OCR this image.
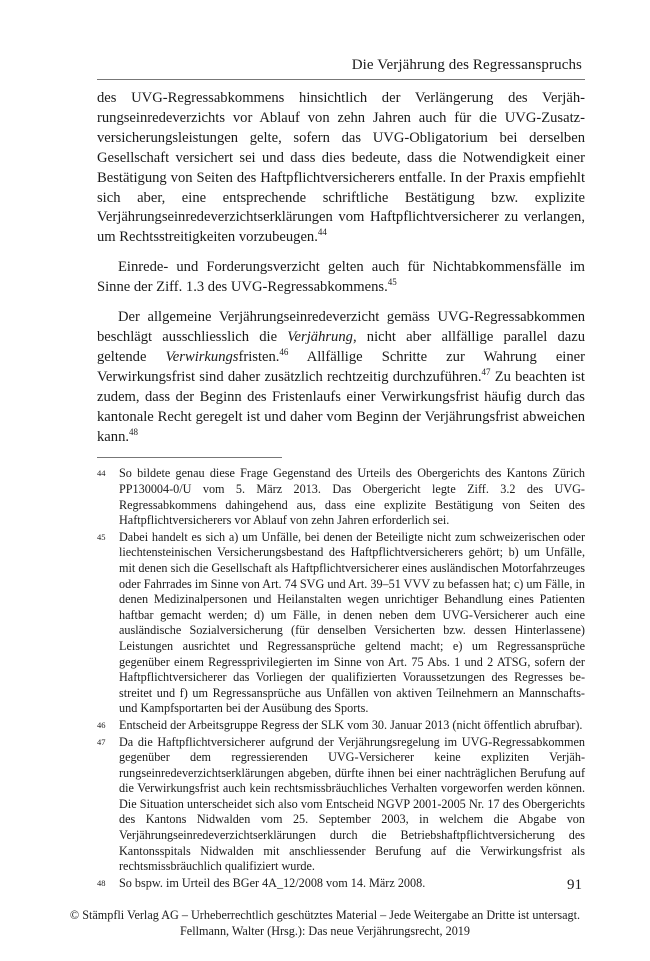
Die Verjährung des Regressanspruchs

des UVG-Regressabkommens hinsichtlich der Verlängerung des Verjährungseinredeverzichts vor Ablauf von zehn Jahren auch für die UVG-Zusatzversicherungsleistungen gelte, sofern das UVG-Obligatorium bei derselben Gesellschaft versichert sei und dass dies bedeute, dass die Notwendigkeit einer Bestätigung von Seiten des Haftpflichtversicherers entfalle. In der Praxis empfiehlt sich aber, eine entsprechende schriftliche Bestätigung bzw. explizite Verjährungseinredeverzichtserklärungen vom Haftpflichtversicherer zu verlangen, um Rechtsstreitigkeiten vorzubeugen.$^{44}$

Einrede- und Forderungsverzicht gelten auch für Nichtabkommensfälle im Sinne der Ziff. 1.3 des UVG-Regressabkommens.$^{45}$

Der allgemeine Verjährungseinredeverzicht gemäss UVG-Regressabkommen beschlägt ausschliesslich die Verjährung, nicht aber allfällige parallel dazu geltende Verwirkungsfristen.$^{46}$ Allfällige Schritte zur Wahrung einer Verwirkungsfrist sind daher zusätzlich rechtzeitig durchzuführen.$^{47}$ Zu beachten ist zudem, dass der Beginn des Fristenlaufs einer Verwirkungsfrist häufig durch das kantonale Recht geregelt ist und daher vom Beginn der Verjährungsfrist abweichen kann.$^{48}$

44	So bildete genau diese Frage Gegenstand des Urteils des Obergerichts des Kantons Zürich PP130004-0/U vom 5. März 2013. Das Obergericht legte Ziff. 3.2 des UVG-Regressabkommens dahingehend aus, dass eine explizite Bestätigung von Seiten des Haftpflichtversicherers vor Ablauf von zehn Jahren erforderlich sei.
45	Dabei handelt es sich a) um Unfälle, bei denen der Beteiligte nicht zum schweizerischen oder liechtensteinischen Versicherungsbestand des Haftpflichtversicherers gehört; b) um Unfälle, mit denen sich die Gesellschaft als Haftpflichtversicherer eines ausländischen Motorfahrzeuges oder Fahrrades im Sinne von Art. 74 SVG und Art. 39–51 VVV zu befassen hat; c) um Fälle, in denen Medizinalpersonen und Heilanstalten wegen unrichtiger Behandlung eines Patienten haftbar gemacht werden; d) um Fälle, in denen neben dem UVG-Versicherer auch eine ausländische Sozialversicherung (für denselben Versicherten bzw. dessen Hinterlassene) Leistungen ausrichtet und Regressansprüche geltend macht; e) um Regressansprüche gegenüber einem Regressprivilegierten im Sinne von Art. 75 Abs. 1 und 2 ATSG, sofern der Haftpflichtversicherer das Vorliegen der qualifizierten Voraussetzungen des Regresses bestreitet und f) um Regressansprüche aus Unfällen von aktiven Teilnehmern an Mannschafts- und Kampfsportarten bei der Ausübung des Sports.
46	Entscheid der Arbeitsgruppe Regress der SLK vom 30. Januar 2013 (nicht öffentlich abrufbar).
47	Da die Haftpflichtversicherer aufgrund der Verjährungsregelung im UVG-Regressabkommen gegenüber dem regressierenden UVG-Versicherer keine expliziten Verjährungseinredeverzichtserklärungen abgeben, dürfte ihnen bei einer nachträglichen Berufung auf die Verwirkungsfrist auch kein rechtsmissbräuchliches Verhalten vorgeworfen werden können. Die Situation unterscheidet sich also vom Entscheid NGVP 2001-2005 Nr. 17 des Obergerichts des Kantons Nidwalden vom 25. September 2003, in welchem die Abgabe von Verjährungseinredeverzichtserklärungen durch die Betriebshaftpflichtversicherung des Kantonsspitals Nidwalden mit anschliessender Berufung auf die Verwirkungsfrist als rechtsmissbräuchlich qualifiziert wurde.
48	So bspw. im Urteil des BGer 4A_12/2008 vom 14. März 2008.	91
© Stämpfli Verlag AG – Urheberrechtlich geschütztes Material – Jede Weitergabe an Dritte ist untersagt.
Fellmann, Walter (Hrsg.): Das neue Verjährungsrecht, 2019
